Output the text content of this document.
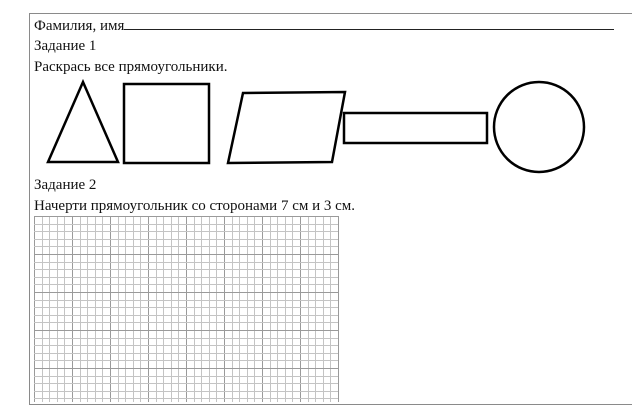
Фамилия, имя
Задание 1
Раскрась все прямоугольники.
Задание 2
Начерти прямоугольник со сторонами 7 см и 3 см.
